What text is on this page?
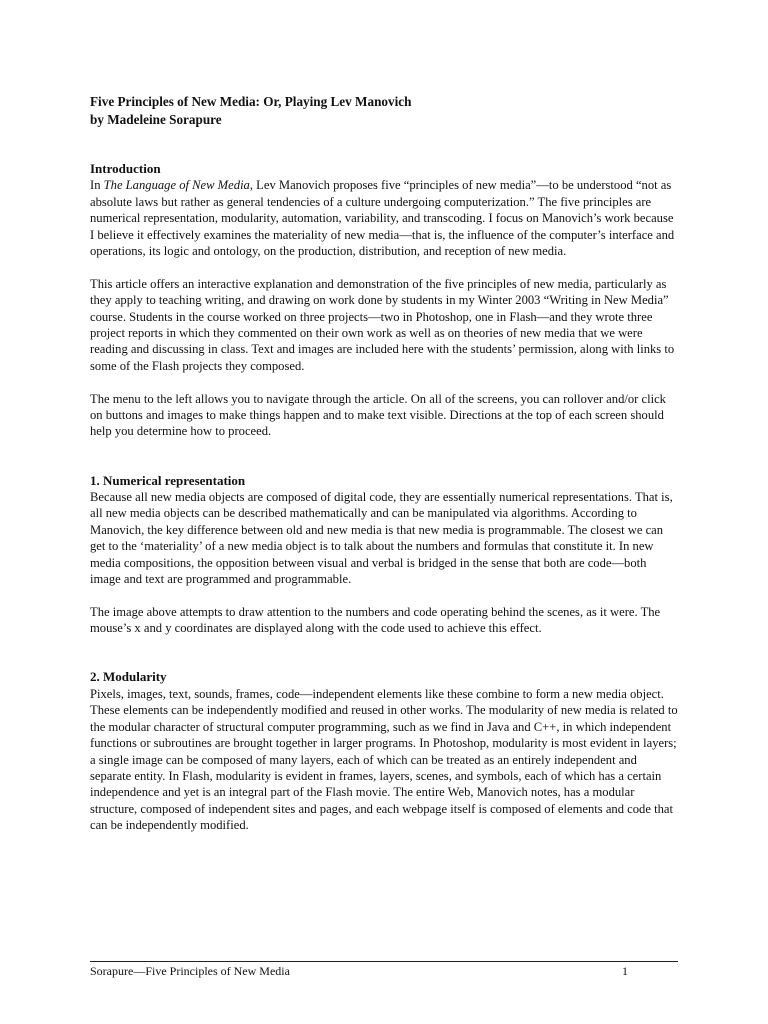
Five Principles of New Media: Or, Playing Lev Manovich

by Madeleine Sorapure

Introduction

In The Language of New Media, Lev Manovich proposes five “principles of new media”—to be understood “not as absolute laws but rather as general tendencies of a culture undergoing computerization.” The five principles are numerical representation, modularity, automation, variability, and transcoding. I focus on Manovich’s work because I believe it effectively examines the materiality of new media—that is, the influence of the computer’s interface and operations, its logic and ontology, on the production, distribution, and reception of new media.

This article offers an interactive explanation and demonstration of the five principles of new media, particularly as they apply to teaching writing, and drawing on work done by students in my Winter 2003 “Writing in New Media” course. Students in the course worked on three projects—two in Photoshop, one in Flash—and they wrote three project reports in which they commented on their own work as well as on theories of new media that we were reading and discussing in class. Text and images are included here with the students’ permission, along with links to some of the Flash projects they composed.

The menu to the left allows you to navigate through the article. On all of the screens, you can rollover and/or click on buttons and images to make things happen and to make text visible. Directions at the top of each screen should help you determine how to proceed.

1. Numerical representation

Because all new media objects are composed of digital code, they are essentially numerical representations. That is, all new media objects can be described mathematically and can be manipulated via algorithms. According to Manovich, the key difference between old and new media is that new media is programmable. The closest we can get to the ‘materiality’ of a new media object is to talk about the numbers and formulas that constitute it. In new media compositions, the opposition between visual and verbal is bridged in the sense that both are code—both image and text are programmed and programmable.

The image above attempts to draw attention to the numbers and code operating behind the scenes, as it were. The mouse’s x and y coordinates are displayed along with the code used to achieve this effect.

2. Modularity

Pixels, images, text, sounds, frames, code—independent elements like these combine to form a new media object. These elements can be independently modified and reused in other works. The modularity of new media is related to the modular character of structural computer programming, such as we find in Java and C++, in which independent functions or subroutines are brought together in larger programs. In Photoshop, modularity is most evident in layers; a single image can be composed of many layers, each of which can be treated as an entirely independent and separate entity. In Flash, modularity is evident in frames, layers, scenes, and symbols, each of which has a certain independence and yet is an integral part of the Flash movie. The entire Web, Manovich notes, has a modular structure, composed of independent sites and pages, and each webpage itself is composed of elements and code that can be independently modified.

Sorapure—Five Principles of New Media	1
